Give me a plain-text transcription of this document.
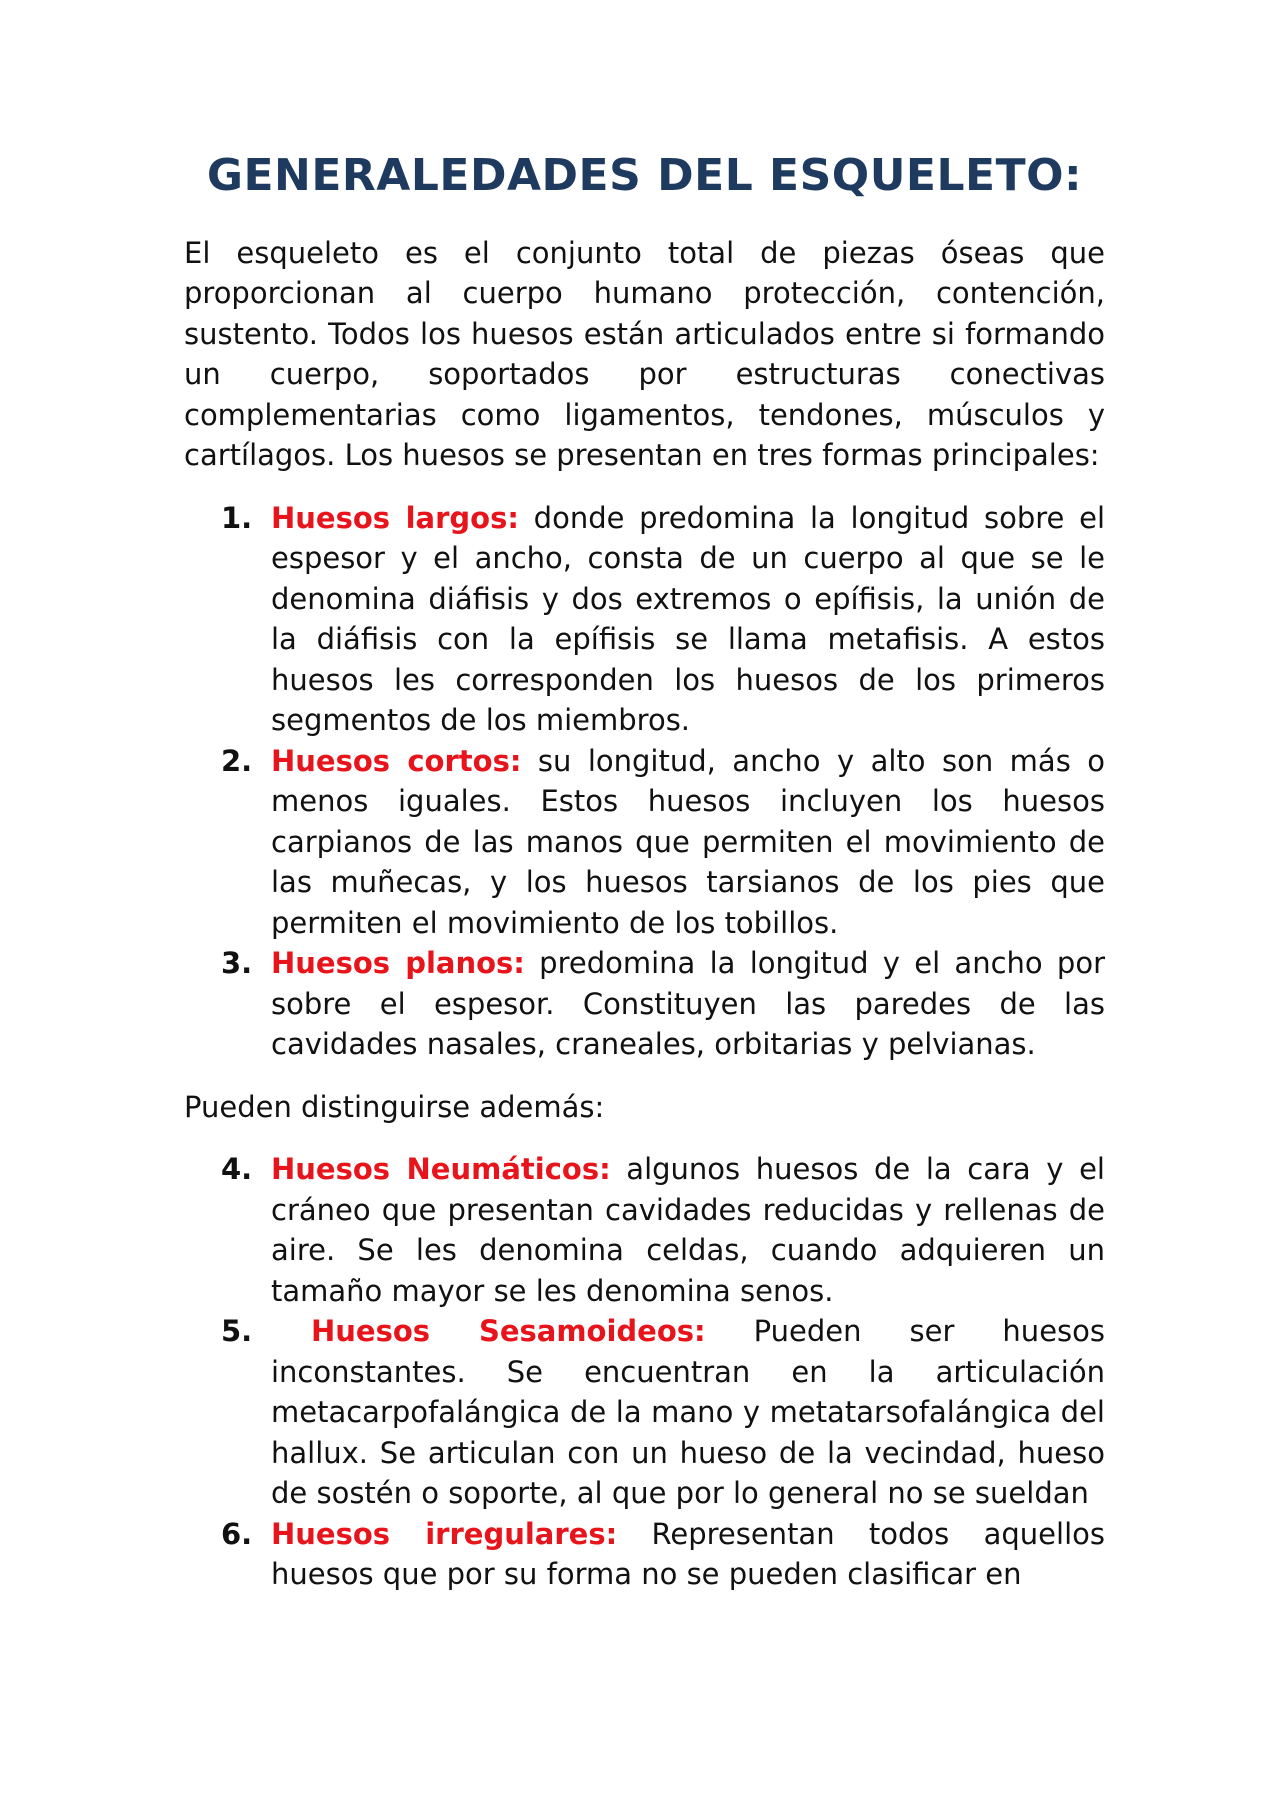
GENERALEDADES DEL ESQUELETO:

El esqueleto es el conjunto total de piezas óseas que proporcionan al cuerpo humano protección, contención, sustento. Todos los huesos están articulados entre si formando un cuerpo, soportados por estructuras conectivas complementarias como ligamentos, tendones, músculos y cartílagos. Los huesos se presentan en tres formas principales:

1. Huesos largos: donde predomina la longitud sobre el espesor y el ancho, consta de un cuerpo al que se le denomina diáfisis y dos extremos o epífisis, la unión de la diáfisis con la epífisis se llama metafisis. A estos huesos les corresponden los huesos de los primeros segmentos de los miembros.
2. Huesos cortos: su longitud, ancho y alto son más o menos iguales. Estos huesos incluyen los huesos carpianos de las manos que permiten el movimiento de las muñecas, y los huesos tarsianos de los pies que permiten el movimiento de los tobillos.
3. Huesos planos: predomina la longitud y el ancho por sobre el espesor. Constituyen las paredes de las cavidades nasales, craneales, orbitarias y pelvianas.

Pueden distinguirse además:

4. Huesos Neumáticos: algunos huesos de la cara y el cráneo que presentan cavidades reducidas y rellenas de aire. Se les denomina celdas, cuando adquieren un tamaño mayor se les denomina senos.
5. Huesos Sesamoideos: Pueden ser huesos inconstantes. Se encuentran en la articulación metacarpofalángica de la mano y metatarsofalángica del hallux. Se articulan con un hueso de la vecindad, hueso de sostén o soporte, al que por lo general no se sueldan
6. Huesos irregulares: Representan todos aquellos huesos que por su forma no se pueden clasificar en
